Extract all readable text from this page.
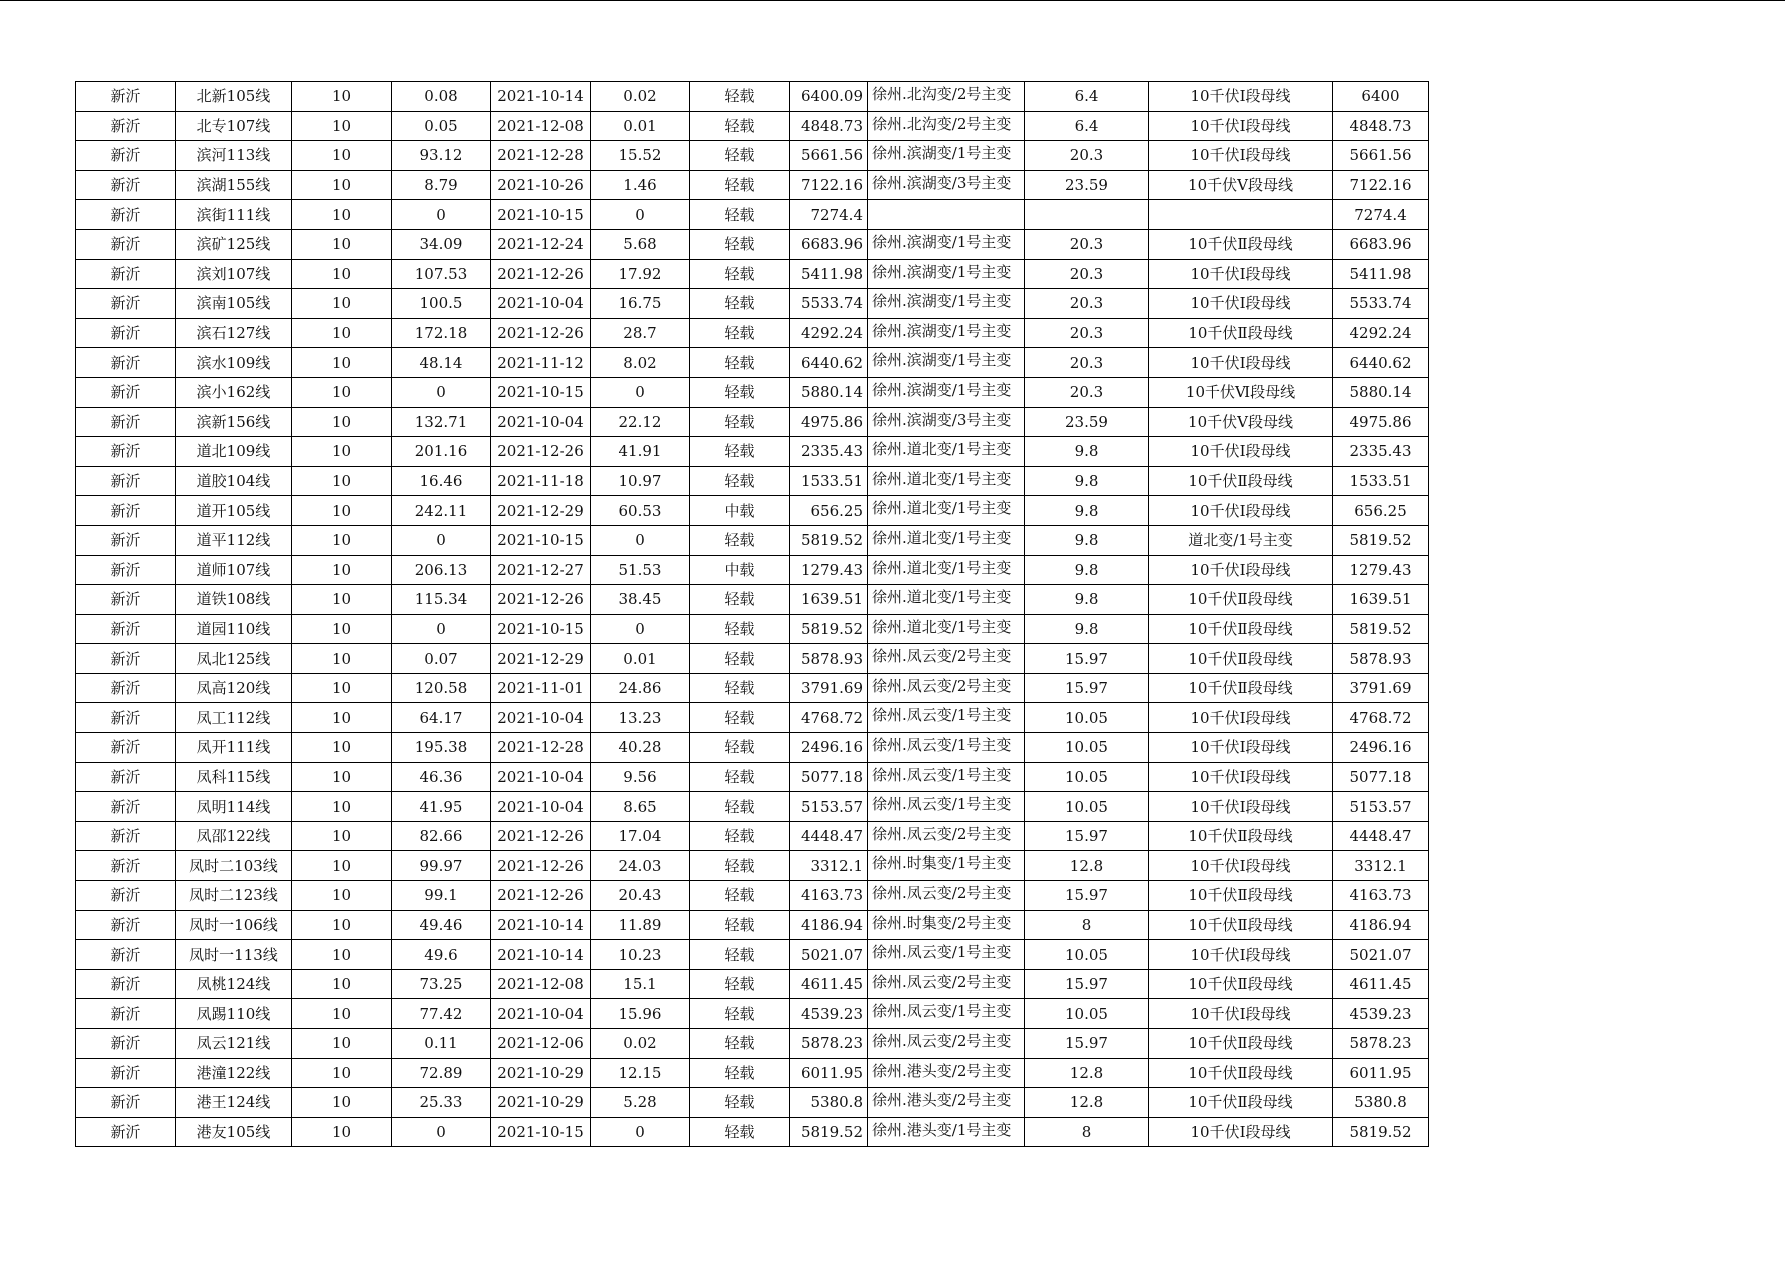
新沂	北新105线	10	0.08	2021-10-14	0.02	轻载	6400.09	徐州.北沟变/2号主变	6.4	10千伏Ⅰ段母线	6400
新沂	北专107线	10	0.05	2021-12-08	0.01	轻载	4848.73	徐州.北沟变/2号主变	6.4	10千伏Ⅰ段母线	4848.73
新沂	滨河113线	10	93.12	2021-12-28	15.52	轻载	5661.56	徐州.滨湖变/1号主变	20.3	10千伏Ⅰ段母线	5661.56
新沂	滨湖155线	10	8.79	2021-10-26	1.46	轻载	7122.16	徐州.滨湖变/3号主变	23.59	10千伏Ⅴ段母线	7122.16
新沂	滨街111线	10	0	2021-10-15	0	轻载	7274.4				7274.4
新沂	滨矿125线	10	34.09	2021-12-24	5.68	轻载	6683.96	徐州.滨湖变/1号主变	20.3	10千伏Ⅱ段母线	6683.96
新沂	滨刘107线	10	107.53	2021-12-26	17.92	轻载	5411.98	徐州.滨湖变/1号主变	20.3	10千伏Ⅰ段母线	5411.98
新沂	滨南105线	10	100.5	2021-10-04	16.75	轻载	5533.74	徐州.滨湖变/1号主变	20.3	10千伏Ⅰ段母线	5533.74
新沂	滨石127线	10	172.18	2021-12-26	28.7	轻载	4292.24	徐州.滨湖变/1号主变	20.3	10千伏Ⅱ段母线	4292.24
新沂	滨水109线	10	48.14	2021-11-12	8.02	轻载	6440.62	徐州.滨湖变/1号主变	20.3	10千伏Ⅰ段母线	6440.62
新沂	滨小162线	10	0	2021-10-15	0	轻载	5880.14	徐州.滨湖变/1号主变	20.3	10千伏Ⅵ段母线	5880.14
新沂	滨新156线	10	132.71	2021-10-04	22.12	轻载	4975.86	徐州.滨湖变/3号主变	23.59	10千伏Ⅴ段母线	4975.86
新沂	道北109线	10	201.16	2021-12-26	41.91	轻载	2335.43	徐州.道北变/1号主变	9.8	10千伏Ⅰ段母线	2335.43
新沂	道胶104线	10	16.46	2021-11-18	10.97	轻载	1533.51	徐州.道北变/1号主变	9.8	10千伏Ⅱ段母线	1533.51
新沂	道开105线	10	242.11	2021-12-29	60.53	中载	656.25	徐州.道北变/1号主变	9.8	10千伏Ⅰ段母线	656.25
新沂	道平112线	10	0	2021-10-15	0	轻载	5819.52	徐州.道北变/1号主变	9.8	道北变/1号主变	5819.52
新沂	道师107线	10	206.13	2021-12-27	51.53	中载	1279.43	徐州.道北变/1号主变	9.8	10千伏Ⅰ段母线	1279.43
新沂	道铁108线	10	115.34	2021-12-26	38.45	轻载	1639.51	徐州.道北变/1号主变	9.8	10千伏Ⅱ段母线	1639.51
新沂	道园110线	10	0	2021-10-15	0	轻载	5819.52	徐州.道北变/1号主变	9.8	10千伏Ⅱ段母线	5819.52
新沂	凤北125线	10	0.07	2021-12-29	0.01	轻载	5878.93	徐州.凤云变/2号主变	15.97	10千伏Ⅱ段母线	5878.93
新沂	凤高120线	10	120.58	2021-11-01	24.86	轻载	3791.69	徐州.凤云变/2号主变	15.97	10千伏Ⅱ段母线	3791.69
新沂	凤工112线	10	64.17	2021-10-04	13.23	轻载	4768.72	徐州.凤云变/1号主变	10.05	10千伏Ⅰ段母线	4768.72
新沂	凤开111线	10	195.38	2021-12-28	40.28	轻载	2496.16	徐州.凤云变/1号主变	10.05	10千伏Ⅰ段母线	2496.16
新沂	凤科115线	10	46.36	2021-10-04	9.56	轻载	5077.18	徐州.凤云变/1号主变	10.05	10千伏Ⅰ段母线	5077.18
新沂	凤明114线	10	41.95	2021-10-04	8.65	轻载	5153.57	徐州.凤云变/1号主变	10.05	10千伏Ⅰ段母线	5153.57
新沂	凤邵122线	10	82.66	2021-12-26	17.04	轻载	4448.47	徐州.凤云变/2号主变	15.97	10千伏Ⅱ段母线	4448.47
新沂	凤时二103线	10	99.97	2021-12-26	24.03	轻载	3312.1	徐州.时集变/1号主变	12.8	10千伏Ⅰ段母线	3312.1
新沂	凤时二123线	10	99.1	2021-12-26	20.43	轻载	4163.73	徐州.凤云变/2号主变	15.97	10千伏Ⅱ段母线	4163.73
新沂	凤时一106线	10	49.46	2021-10-14	11.89	轻载	4186.94	徐州.时集变/2号主变	8	10千伏Ⅱ段母线	4186.94
新沂	凤时一113线	10	49.6	2021-10-14	10.23	轻载	5021.07	徐州.凤云变/1号主变	10.05	10千伏Ⅰ段母线	5021.07
新沂	凤桃124线	10	73.25	2021-12-08	15.1	轻载	4611.45	徐州.凤云变/2号主变	15.97	10千伏Ⅱ段母线	4611.45
新沂	凤踢110线	10	77.42	2021-10-04	15.96	轻载	4539.23	徐州.凤云变/1号主变	10.05	10千伏Ⅰ段母线	4539.23
新沂	凤云121线	10	0.11	2021-12-06	0.02	轻载	5878.23	徐州.凤云变/2号主变	15.97	10千伏Ⅱ段母线	5878.23
新沂	港潼122线	10	72.89	2021-10-29	12.15	轻载	6011.95	徐州.港头变/2号主变	12.8	10千伏Ⅱ段母线	6011.95
新沂	港王124线	10	25.33	2021-10-29	5.28	轻载	5380.8	徐州.港头变/2号主变	12.8	10千伏Ⅱ段母线	5380.8
新沂	港友105线	10	0	2021-10-15	0	轻载	5819.52	徐州.港头变/1号主变	8	10千伏Ⅰ段母线	5819.52
